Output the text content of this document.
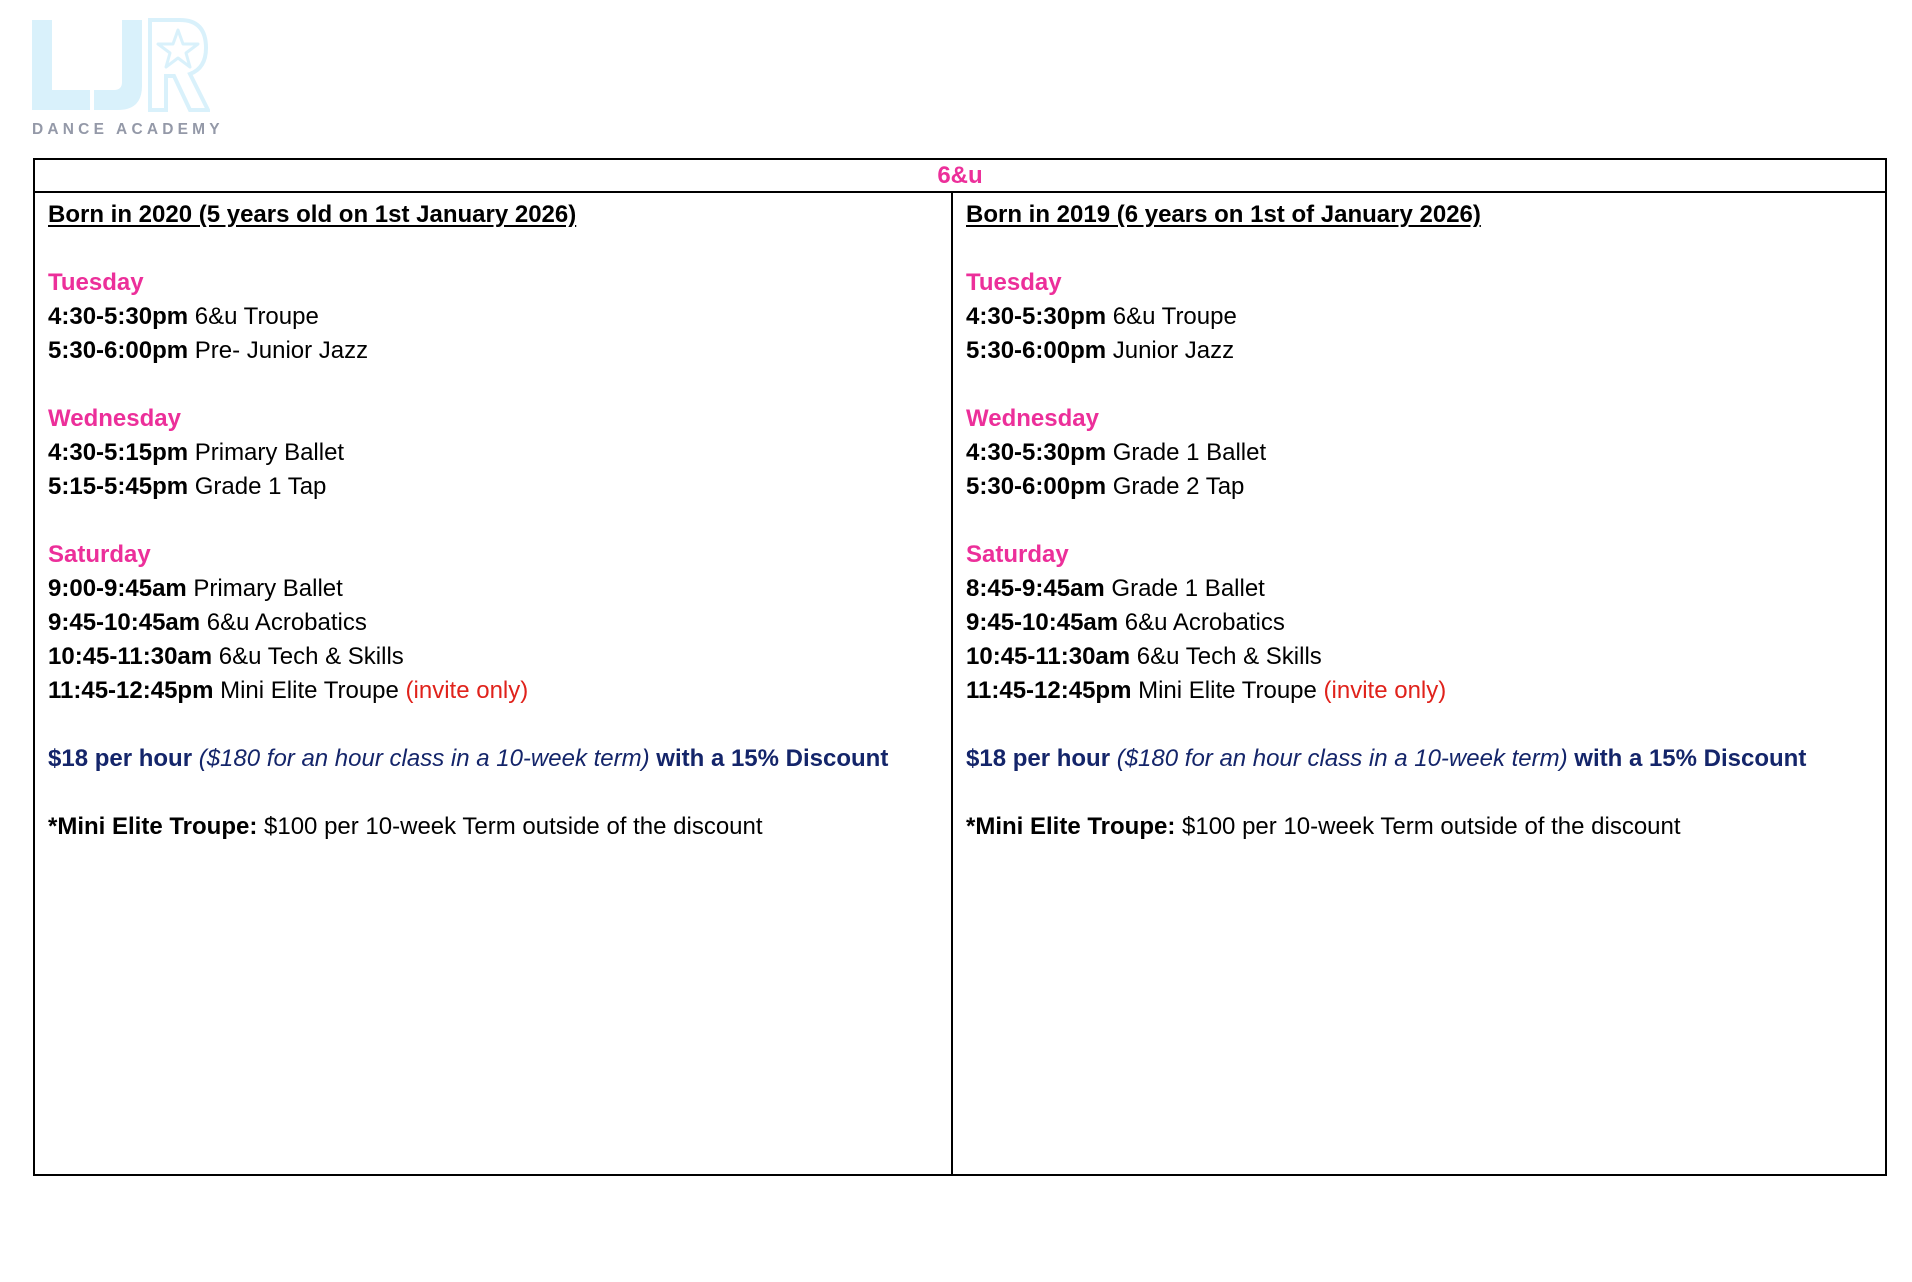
DANCE ACADEMY
6&u
Born in 2020 (5 years old on 1st January 2026)
Tuesday
4:30-5:30pm 6&u Troupe
5:30-6:00pm Pre- Junior Jazz
Wednesday
4:30-5:15pm Primary Ballet
5:15-5:45pm Grade 1 Tap
Saturday
9:00-9:45am Primary Ballet
9:45-10:45am 6&u Acrobatics
10:45-11:30am 6&u Tech & Skills
11:45-12:45pm Mini Elite Troupe (invite only)
$18 per hour ($180 for an hour class in a 10-week term) with a 15% Discount
*Mini Elite Troupe: $100 per 10-week Term outside of the discount
Born in 2019 (6 years on 1st of January 2026)
Tuesday
4:30-5:30pm 6&u Troupe
5:30-6:00pm Junior Jazz
Wednesday
4:30-5:30pm Grade 1 Ballet
5:30-6:00pm Grade 2 Tap
Saturday
8:45-9:45am Grade 1 Ballet
9:45-10:45am 6&u Acrobatics
10:45-11:30am 6&u Tech & Skills
11:45-12:45pm Mini Elite Troupe (invite only)
$18 per hour ($180 for an hour class in a 10-week term) with a 15% Discount
*Mini Elite Troupe: $100 per 10-week Term outside of the discount
